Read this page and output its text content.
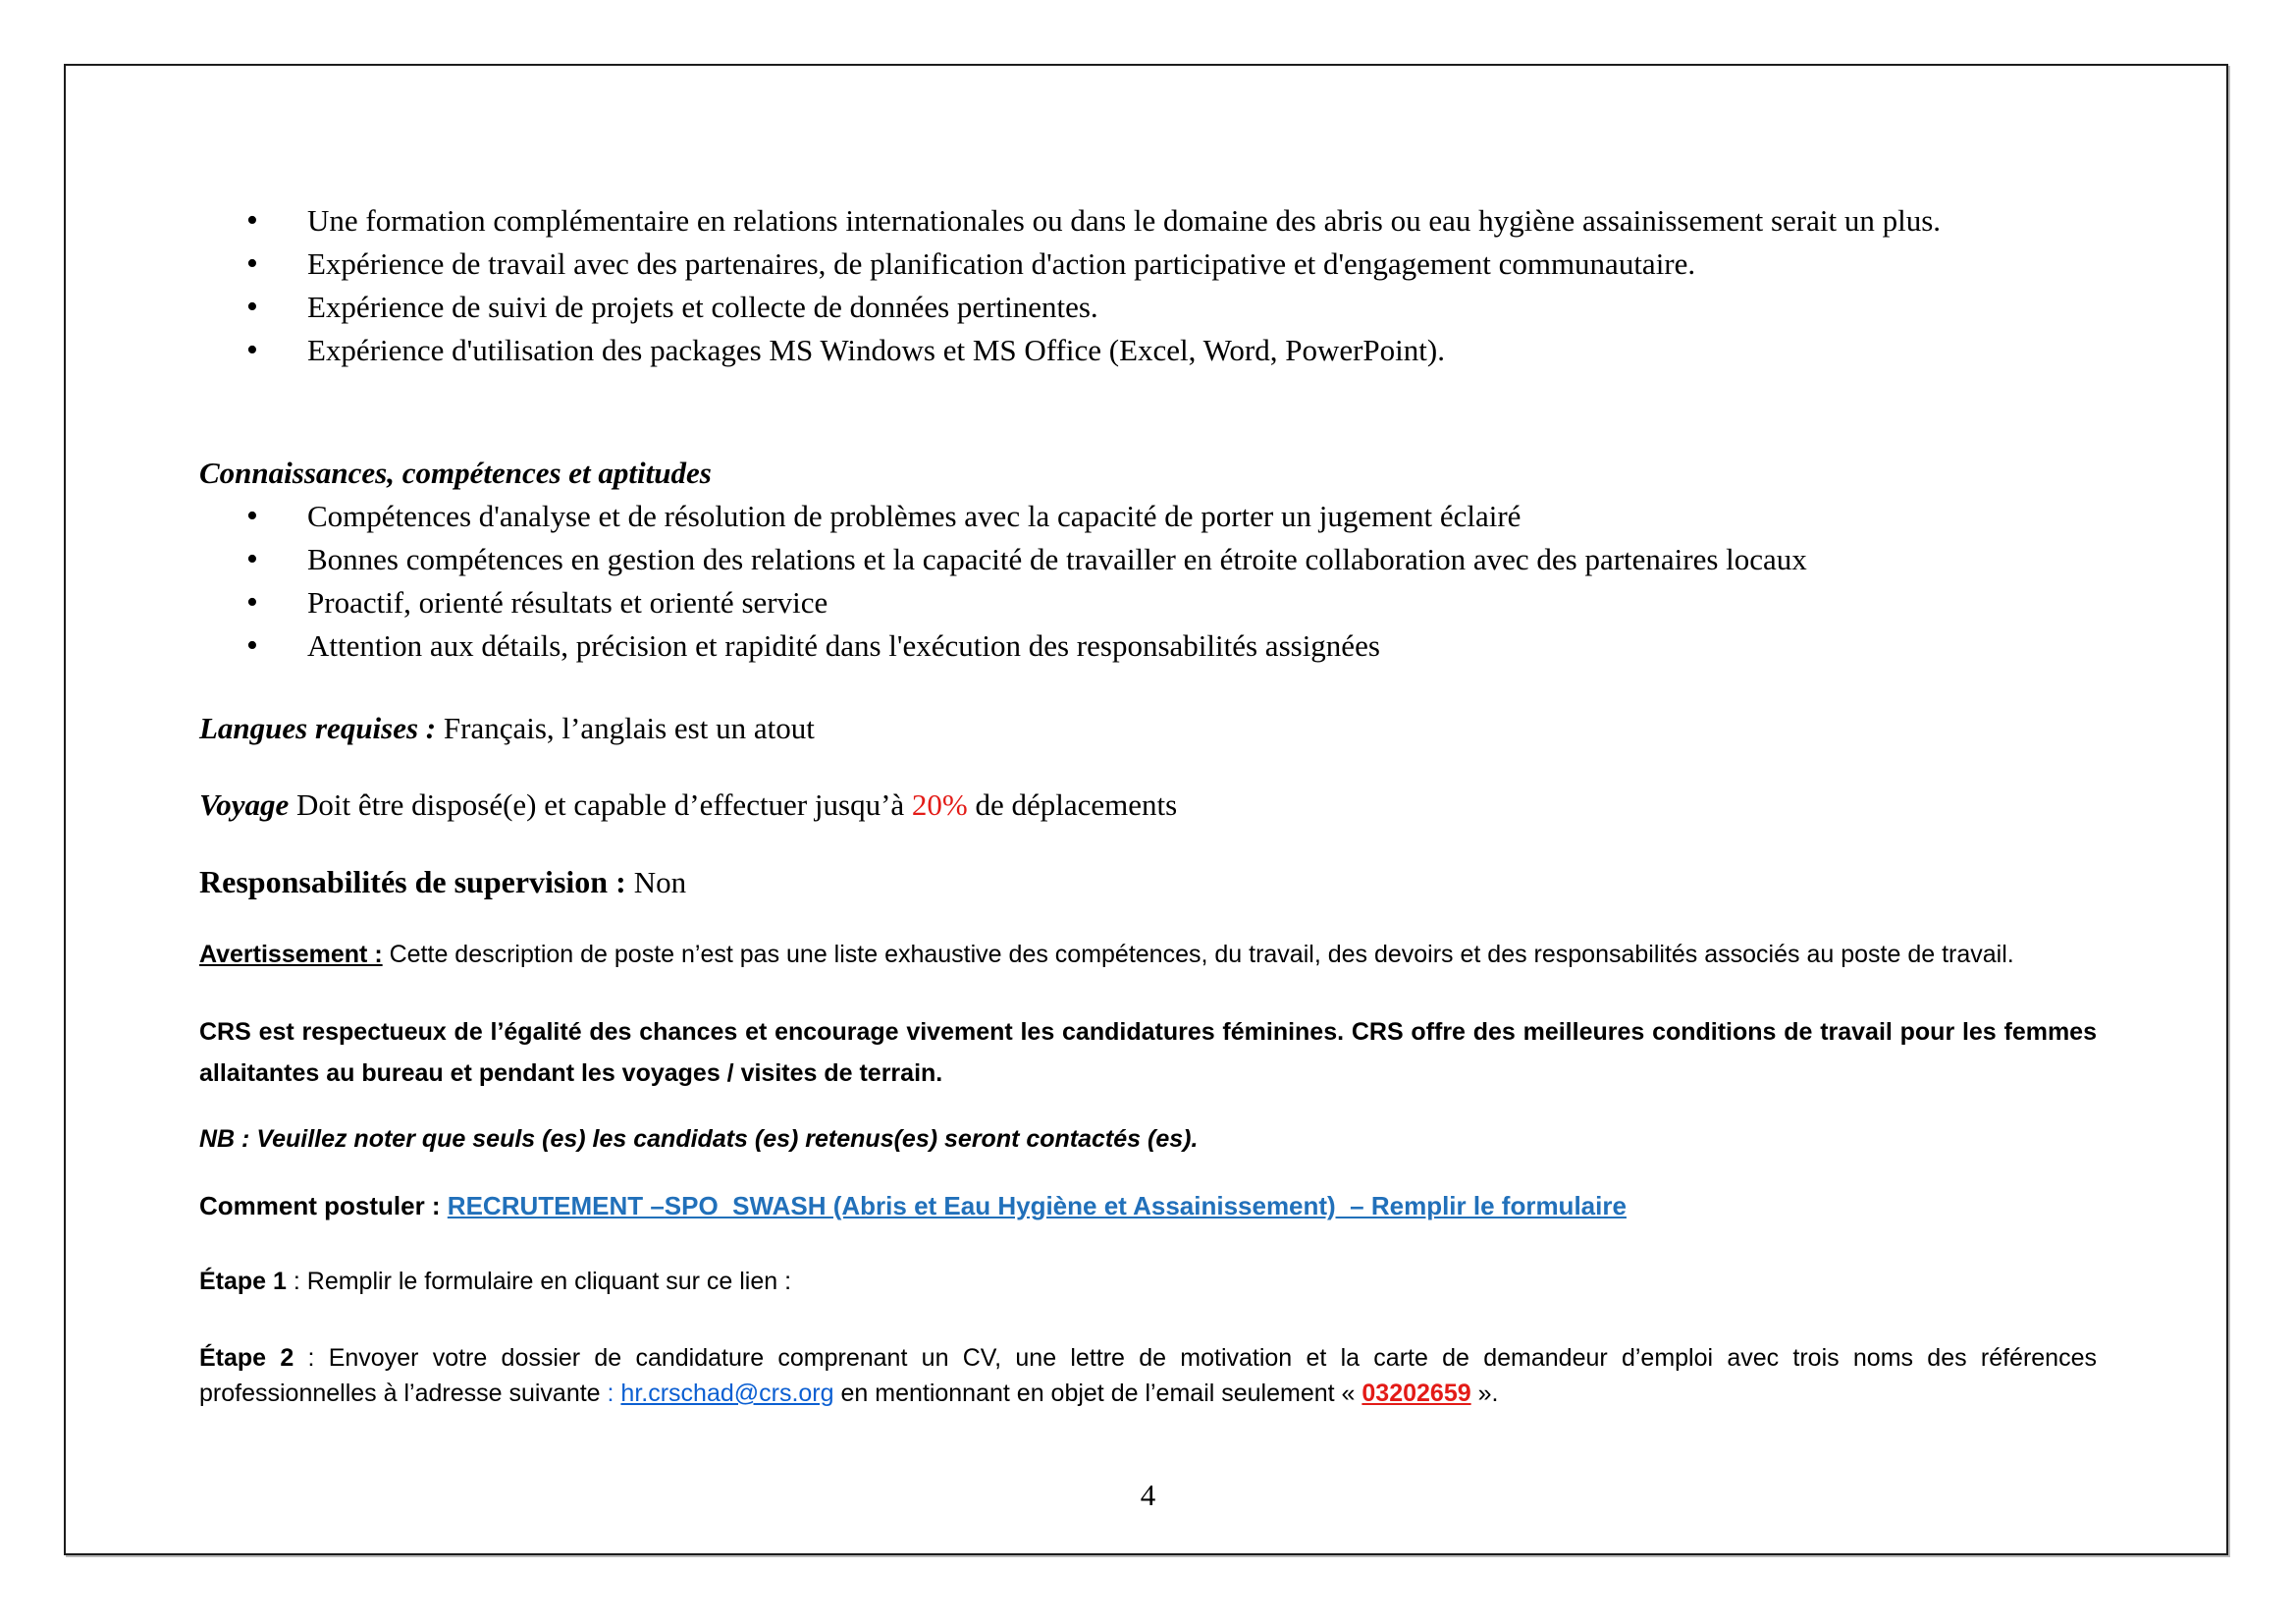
• Une formation complémentaire en relations internationales ou dans le domaine des abris ou eau hygiène assainissement serait un plus.
• Expérience de travail avec des partenaires, de planification d'action participative et d'engagement communautaire.
• Expérience de suivi de projets et collecte de données pertinentes.
• Expérience d'utilisation des packages MS Windows et MS Office (Excel, Word, PowerPoint).
Connaissances, compétences et aptitudes
• Compétences d'analyse et de résolution de problèmes avec la capacité de porter un jugement éclairé
• Bonnes compétences en gestion des relations et la capacité de travailler en étroite collaboration avec des partenaires locaux
• Proactif, orienté résultats et orienté service
• Attention aux détails, précision et rapidité dans l'exécution des responsabilités assignées
Langues requises : Français, l’anglais est un atout
Voyage Doit être disposé(e) et capable d’effectuer jusqu’à 20% de déplacements
Responsabilités de supervision : Non
Avertissement : Cette description de poste n’est pas une liste exhaustive des compétences, du travail, des devoirs et des responsabilités associés au poste de travail.
CRS est respectueux de l’égalité des chances et encourage vivement les candidatures féminines. CRS offre des meilleures conditions de travail pour les femmes allaitantes au bureau et pendant les voyages / visites de terrain.
NB : Veuillez noter que seuls (es) les candidats (es) retenus(es) seront contactés (es).
Comment postuler : RECRUTEMENT –SPO_SWASH (Abris et Eau Hygiène et Assainissement)  – Remplir le formulaire
Étape 1 : Remplir le formulaire en cliquant sur ce lien :
Étape 2 : Envoyer votre dossier de candidature comprenant un CV, une lettre de motivation et la carte de demandeur d’emploi avec trois noms des références professionnelles à l’adresse suivante : hr.crschad@crs.org en mentionnant en objet de l’email seulement « 03202659 ».
4
